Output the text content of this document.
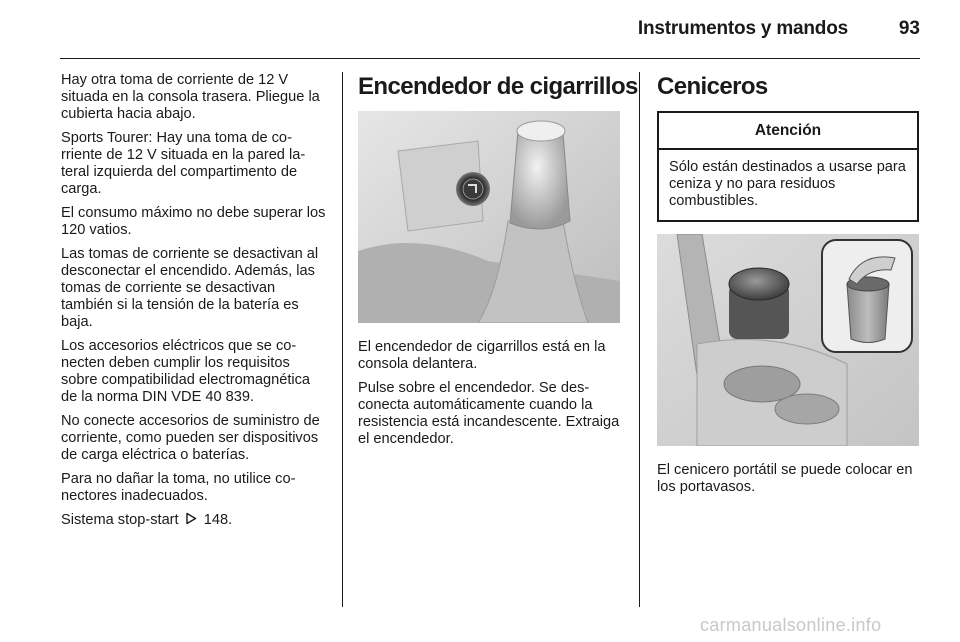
Instrumentos y mandos	93

Hay otra toma de corriente de 12 V situada en la consola trasera. Pliegue la cubierta hacia abajo.

Sports Tourer: Hay una toma de corriente de 12 V situada en la pared lateral izquierda del compartimento de carga.

El consumo máximo no debe superar los 120 vatios.

Las tomas de corriente se desactivan al desconectar el encendido. Además, las tomas de corriente se desactivan también si la tensión de la batería es baja.

Los accesorios eléctricos que se conecten deben cumplir los requisitos sobre compatibilidad electromagnética de la norma DIN VDE 40 839.

No conecte accesorios de suministro de corriente, como pueden ser dispositivos de carga eléctrica o baterías.

Para no dañar la toma, no utilice conectores inadecuados.

Sistema stop-start 148.

Encendedor de cigarrillos

El encendedor de cigarrillos está en la consola delantera.

Pulse sobre el encendedor. Se desconecta automáticamente cuando la resistencia está incandescente. Extraiga el encendedor.

Ceniceros
Atención
Sólo están destinados a usarse para ceniza y no para residuos combustibles.

El cenicero portátil se puede colocar en los portavasos.

carmanualsonline.info
